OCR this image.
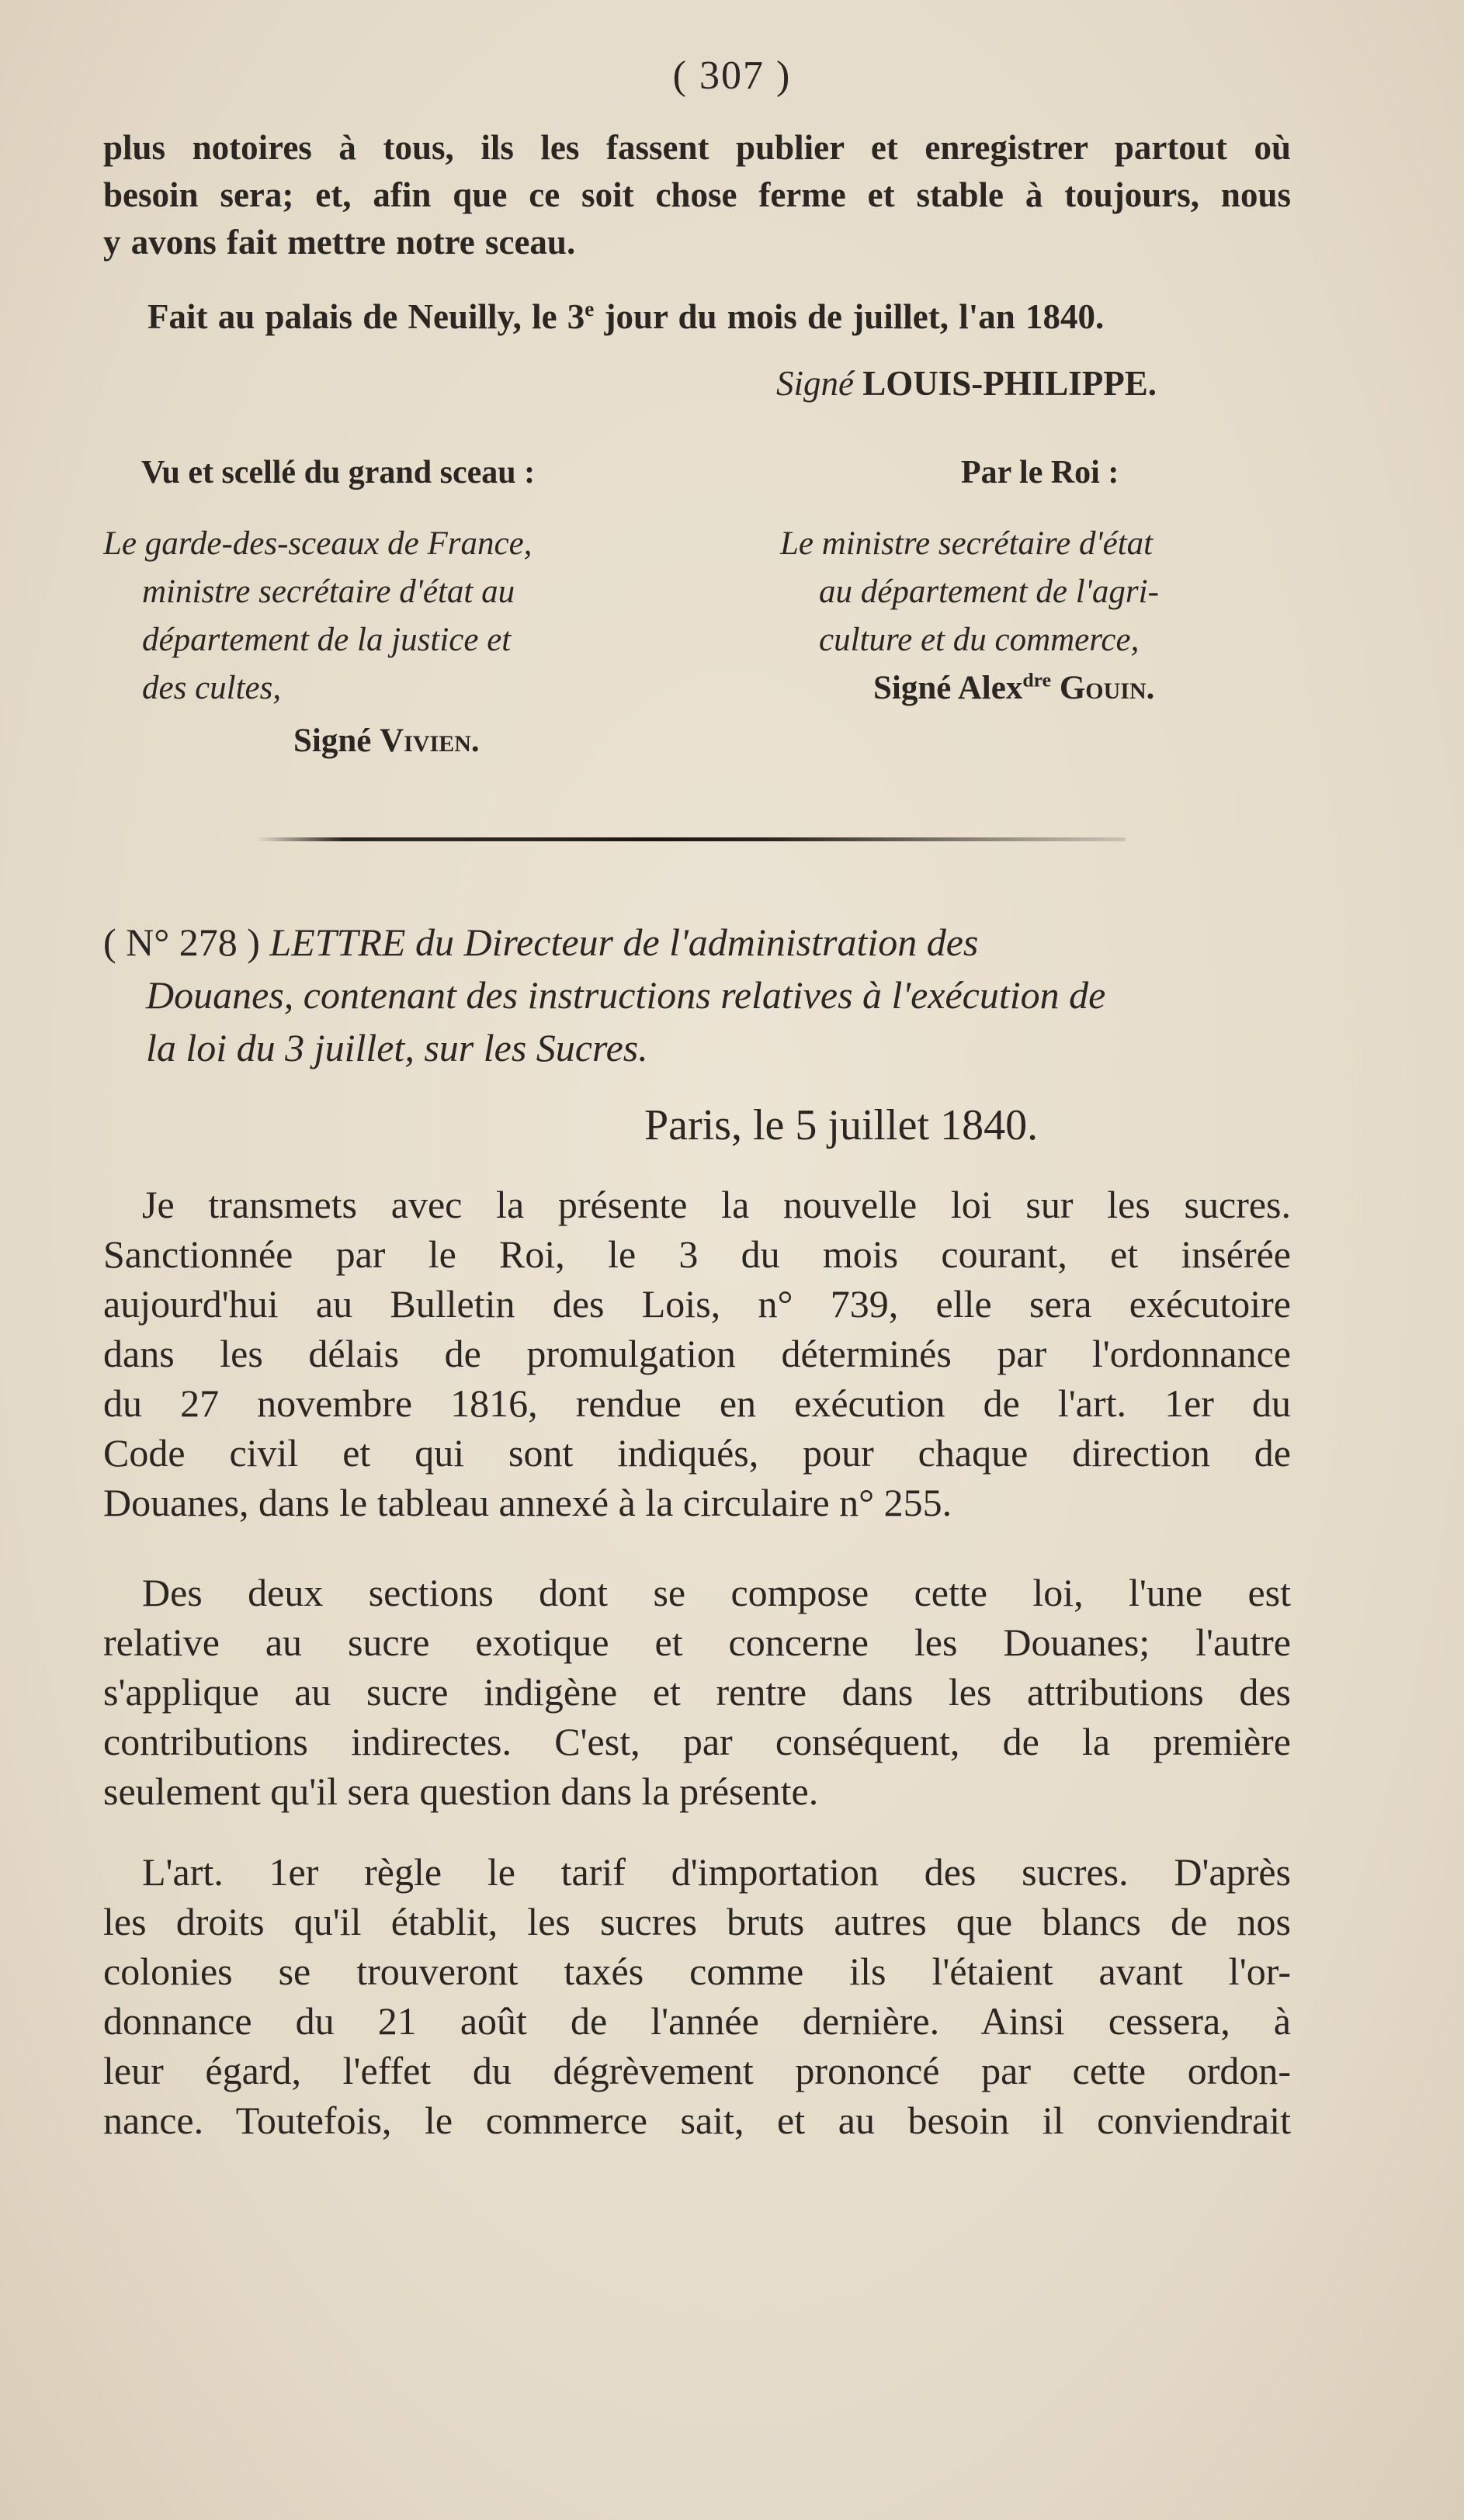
( 307 )
plus notoires à tous, ils les fassent publier et enregistrer partout où
besoin sera; et, afin que ce soit chose ferme et stable à toujours, nous
y avons fait mettre notre sceau.
Fait au palais de Neuilly, le 3e jour du mois de juillet, l'an 1840.
Signé LOUIS-PHILIPPE.
Vu et scellé du grand sceau :	Par le Roi :
Le garde-des-sceaux de France,
ministre secrétaire d'état au
département de la justice et
des cultes,
Signé Vivien.
Le ministre secrétaire d'état
au département de l'agri-
culture et du commerce,
Signé Alex$^{dre}$ Gouin.
( N° 278 ) LETTRE du Directeur de l'administration des
Douanes, contenant des instructions relatives à l'exécution de
la loi du 3 juillet, sur les Sucres.
Paris, le 5 juillet 1840.
Je transmets avec la présente la nouvelle loi sur les sucres.
Sanctionnée par le Roi, le 3 du mois courant, et insérée
aujourd'hui au Bulletin des Lois, n° 739, elle sera exécutoire
dans les délais de promulgation déterminés par l'ordonnance
du 27 novembre 1816, rendue en exécution de l'art. 1er du
Code civil et qui sont indiqués, pour chaque direction de
Douanes, dans le tableau annexé à la circulaire n° 255.
Des deux sections dont se compose cette loi, l'une est
relative au sucre exotique et concerne les Douanes; l'autre
s'applique au sucre indigène et rentre dans les attributions des
contributions indirectes. C'est, par conséquent, de la première
seulement qu'il sera question dans la présente.
L'art. 1er règle le tarif d'importation des sucres. D'après
les droits qu'il établit, les sucres bruts autres que blancs de nos
colonies se trouveront taxés comme ils l'étaient avant l'or-
donnance du 21 août de l'année dernière. Ainsi cessera, à
leur égard, l'effet du dégrèvement prononcé par cette ordon-
nance. Toutefois, le commerce sait, et au besoin il conviendrait
